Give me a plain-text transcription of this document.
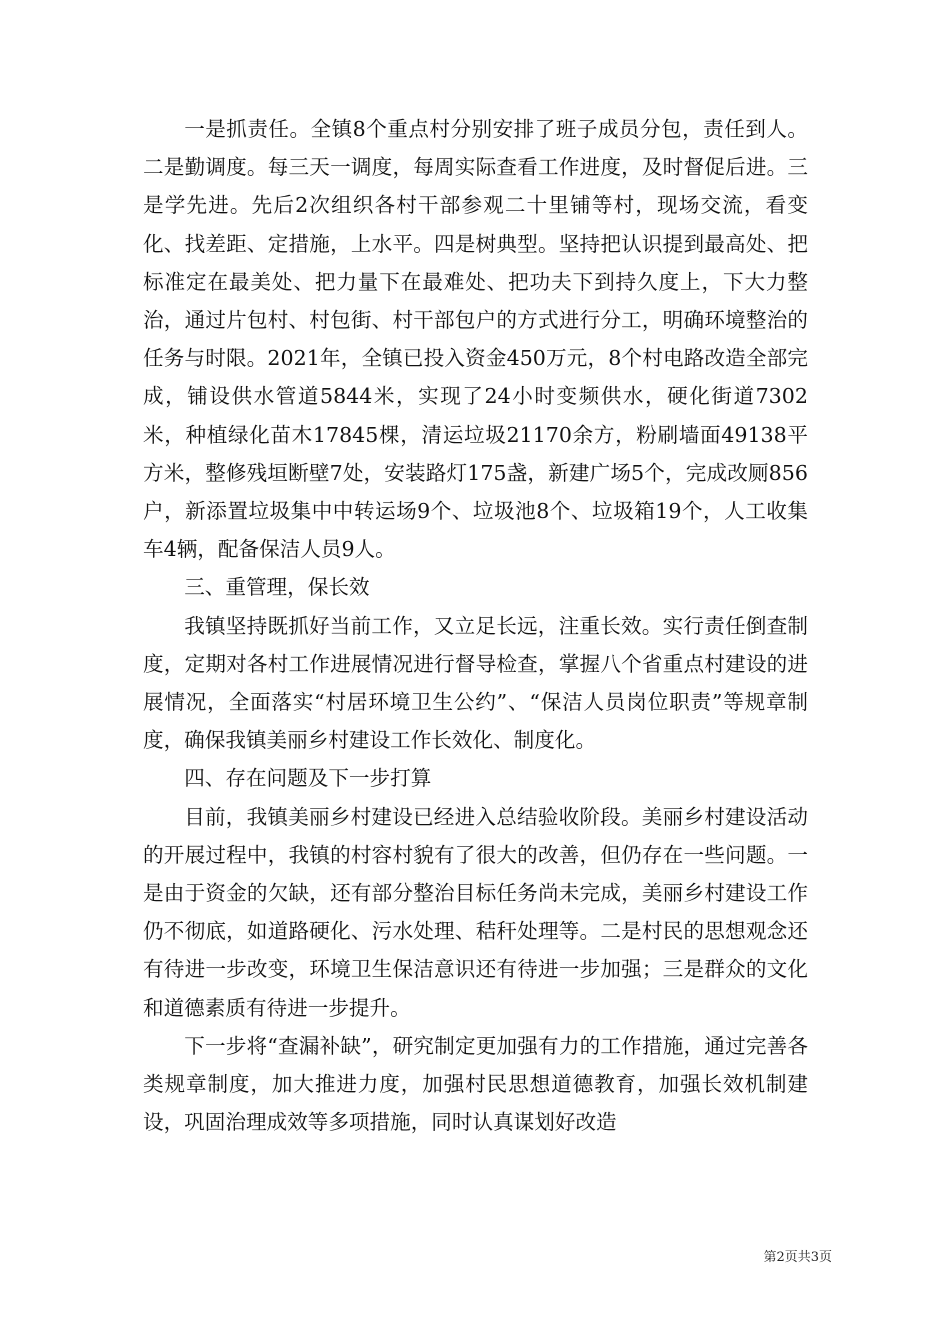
一是抓责任。全镇8个重点村分别安排了班子成员分包，责任到人。二是勤调度。每三天一调度，每周实际查看工作进度，及时督促后进。三是学先进。先后2次组织各村干部参观二十里铺等村，现场交流，看变化、找差距、定措施，上水平。四是树典型。坚持把认识提到最高处、把标准定在最美处、把力量下在最难处、把功夫下到持久度上，下大力整治，通过片包村、村包街、村干部包户的方式进行分工，明确环境整治的任务与时限。2021年，全镇已投入资金450万元，8个村电路改造全部完成，铺设供水管道5844米，实现了24小时变频供水，硬化街道7302米，种植绿化苗木17845棵，清运垃圾21170余方，粉刷墙面49138平方米，整修残垣断壁7处，安装路灯175盏，新建广场5个，完成改厕856户，新添置垃圾集中中转运场9个、垃圾池8个、垃圾箱19个，人工收集车4辆，配备保洁人员9人。

三、重管理，保长效

我镇坚持既抓好当前工作，又立足长远，注重长效。实行责任倒查制度，定期对各村工作进展情况进行督导检查，掌握八个省重点村建设的进展情况，全面落实“村居环境卫生公约”、“保洁人员岗位职责”等规章制度，确保我镇美丽乡村建设工作长效化、制度化。

四、存在问题及下一步打算

目前，我镇美丽乡村建设已经进入总结验收阶段。美丽乡村建设活动的开展过程中，我镇的村容村貌有了很大的改善，但仍存在一些问题。一是由于资金的欠缺，还有部分整治目标任务尚未完成，美丽乡村建设工作仍不彻底，如道路硬化、污水处理、秸秆处理等。二是村民的思想观念还有待进一步改变，环境卫生保洁意识还有待进一步加强；三是群众的文化和道德素质有待进一步提升。

下一步将“查漏补缺”，研究制定更加强有力的工作措施，通过完善各类规章制度，加大推进力度，加强村民思想道德教育，加强长效机制建设，巩固治理成效等多项措施，同时认真谋划好改造

第2页共3页
